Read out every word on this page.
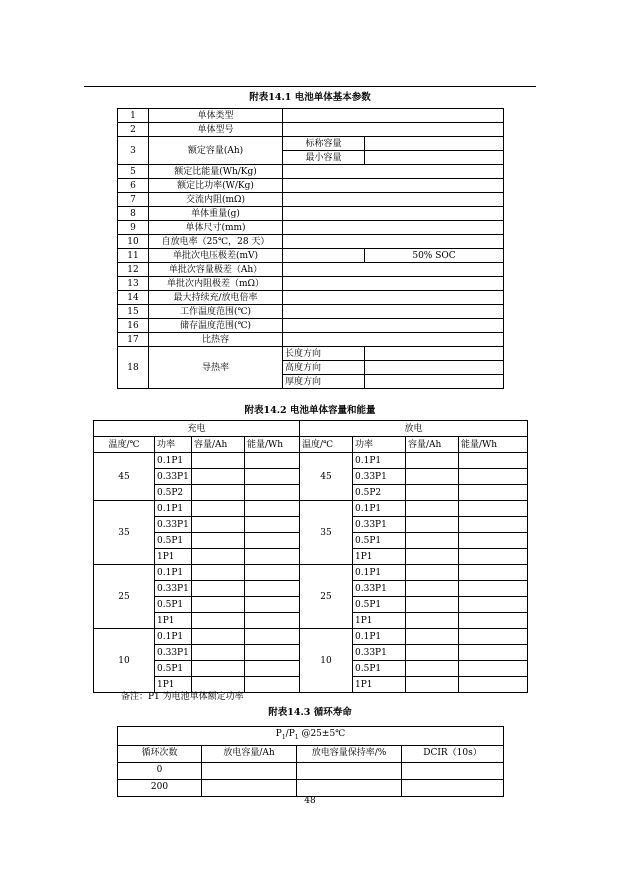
附表14.1 电池单体基本参数
1	单体类型		
2	单体型号		
3	额定容量(Ah)	标称容量	
		最小容量	
5	额定比能量(Wh/Kg)		
6	额定比功率(W/Kg)		
7	交流内阻(mΩ)		
8	单体重量(g)		
9	单体尺寸(mm)		
10	自放电率（25℃，28 天）		
11	单批次电压极差(mV)		50% SOC
12	单批次容量极差（Ah）		
13	单批次内阻极差（mΩ）		
14	最大持续充/放电倍率		
15	工作温度范围(℃)		
16	储存温度范围(℃)		
17	比热容		
18	导热率	长度方向	
		高度方向	
		厚度方向	
附表14.2 电池单体容量和能量
充电				放电			
温度/℃	功率	容量/Ah	能量/Wh	温度/℃	功率	容量/Ah	能量/Wh
45	0.1P1			45	0.1P1		
	0.33P1				0.33P1		
	0.5P2				0.5P2		
35	0.1P1			35	0.1P1		
	0.33P1				0.33P1		
	0.5P1				0.5P1		
	1P1				1P1		
25	0.1P1			25	0.1P1		
	0.33P1				0.33P1		
	0.5P1				0.5P1		
	1P1				1P1		
10	0.1P1			10	0.1P1		
	0.33P1				0.33P1		
	0.5P1				0.5P1		
	1P1				1P1		
备注：P1 为电池单体额定功率
附表14.3 循环寿命
$P_1/P_1$ @25±5℃			
循环次数	放电容量/Ah	放电容量保持率/%	DCIR（10s）
0			
200			
48
